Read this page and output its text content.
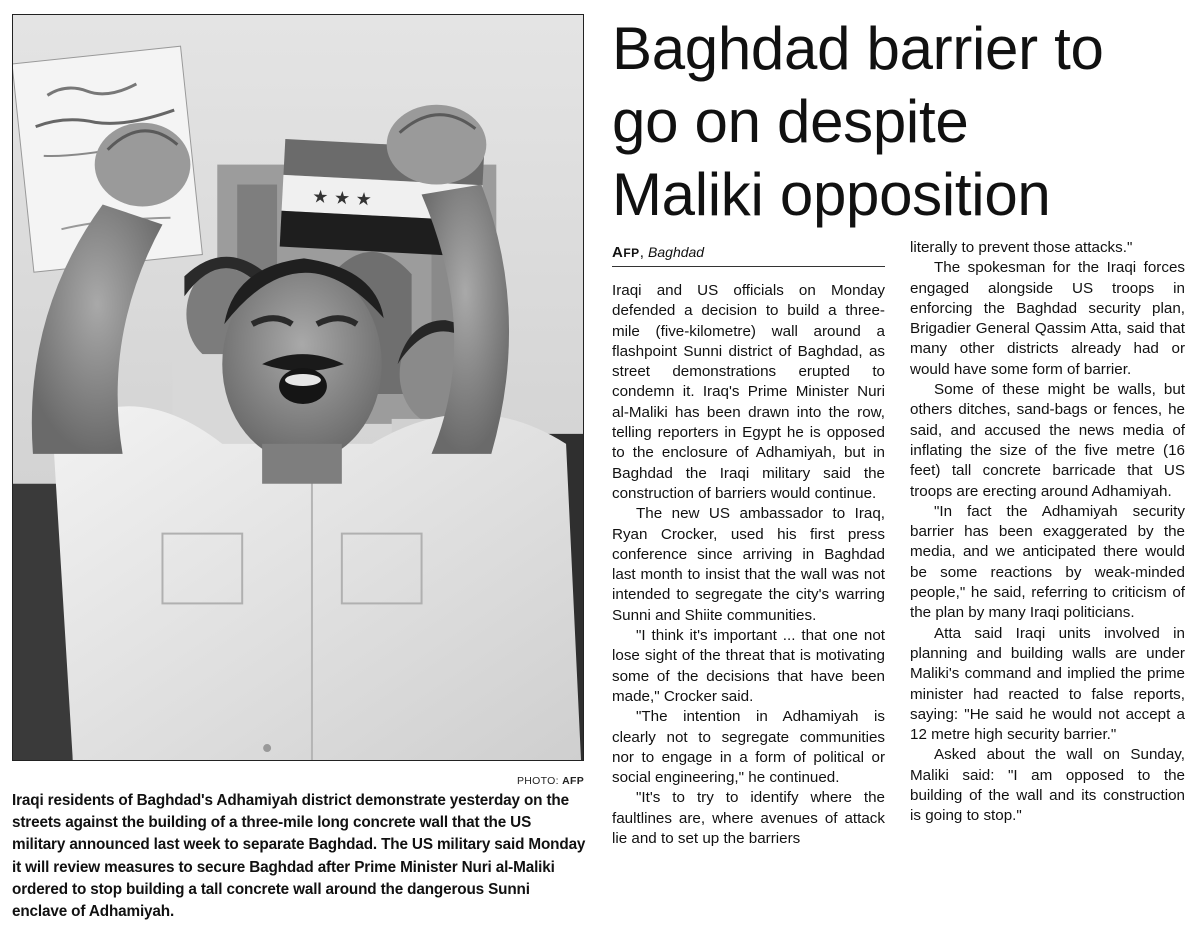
★ ★ ★
PHOTO: AFP
Iraqi residents of Baghdad's Adhamiyah district demonstrate yesterday on the streets against the building of a three-mile long concrete wall that the US military announced last week to separate Baghdad. The US military said Monday it will review measures to secure Baghdad after Prime Minister Nuri al-Maliki ordered to stop building a tall concrete wall around the dangerous Sunni enclave of Adhamiyah.
Baghdad barrier to
go on despite
Maliki opposition
AFP, Baghdad

Iraqi and US officials on Monday defended a decision to build a three-mile (five-kilometre) wall around a flashpoint Sunni district of Baghdad, as street demonstrations erupted to condemn it. Iraq's Prime Minister Nuri al-Maliki has been drawn into the row, telling reporters in Egypt he is opposed to the enclosure of Adhamiyah, but in Baghdad the Iraqi military said the construction of barriers would continue.

The new US ambassador to Iraq, Ryan Crocker, used his first press conference since arriving in Baghdad last month to insist that the wall was not intended to segregate the city's warring Sunni and Shiite communities.

"I think it's important ... that one not lose sight of the threat that is motivating some of the decisions that have been made," Crocker said.

"The intention in Adhamiyah is clearly not to segregate communities nor to engage in a form of political or social engineering," he continued.

"It's to try to identify where the faultlines are, where avenues of attack lie and to set up the barriers

literally to prevent those attacks."

The spokesman for the Iraqi forces engaged alongside US troops in enforcing the Baghdad security plan, Brigadier General Qassim Atta, said that many other districts already had or would have some form of barrier.

Some of these might be walls, but others ditches, sand-bags or fences, he said, and accused the news media of inflating the size of the five metre (16 feet) tall concrete barricade that US troops are erecting around Adhamiyah.

"In fact the Adhamiyah security barrier has been exaggerated by the media, and we anticipated there would be some reactions by weak-minded people," he said, referring to criticism of the plan by many Iraqi politicians.

Atta said Iraqi units involved in planning and building walls are under Maliki's command and implied the prime minister had reacted to false reports, saying: "He said he would not accept a 12 metre high security barrier."

Asked about the wall on Sunday, Maliki said: "I am opposed to the building of the wall and its construction is going to stop."
